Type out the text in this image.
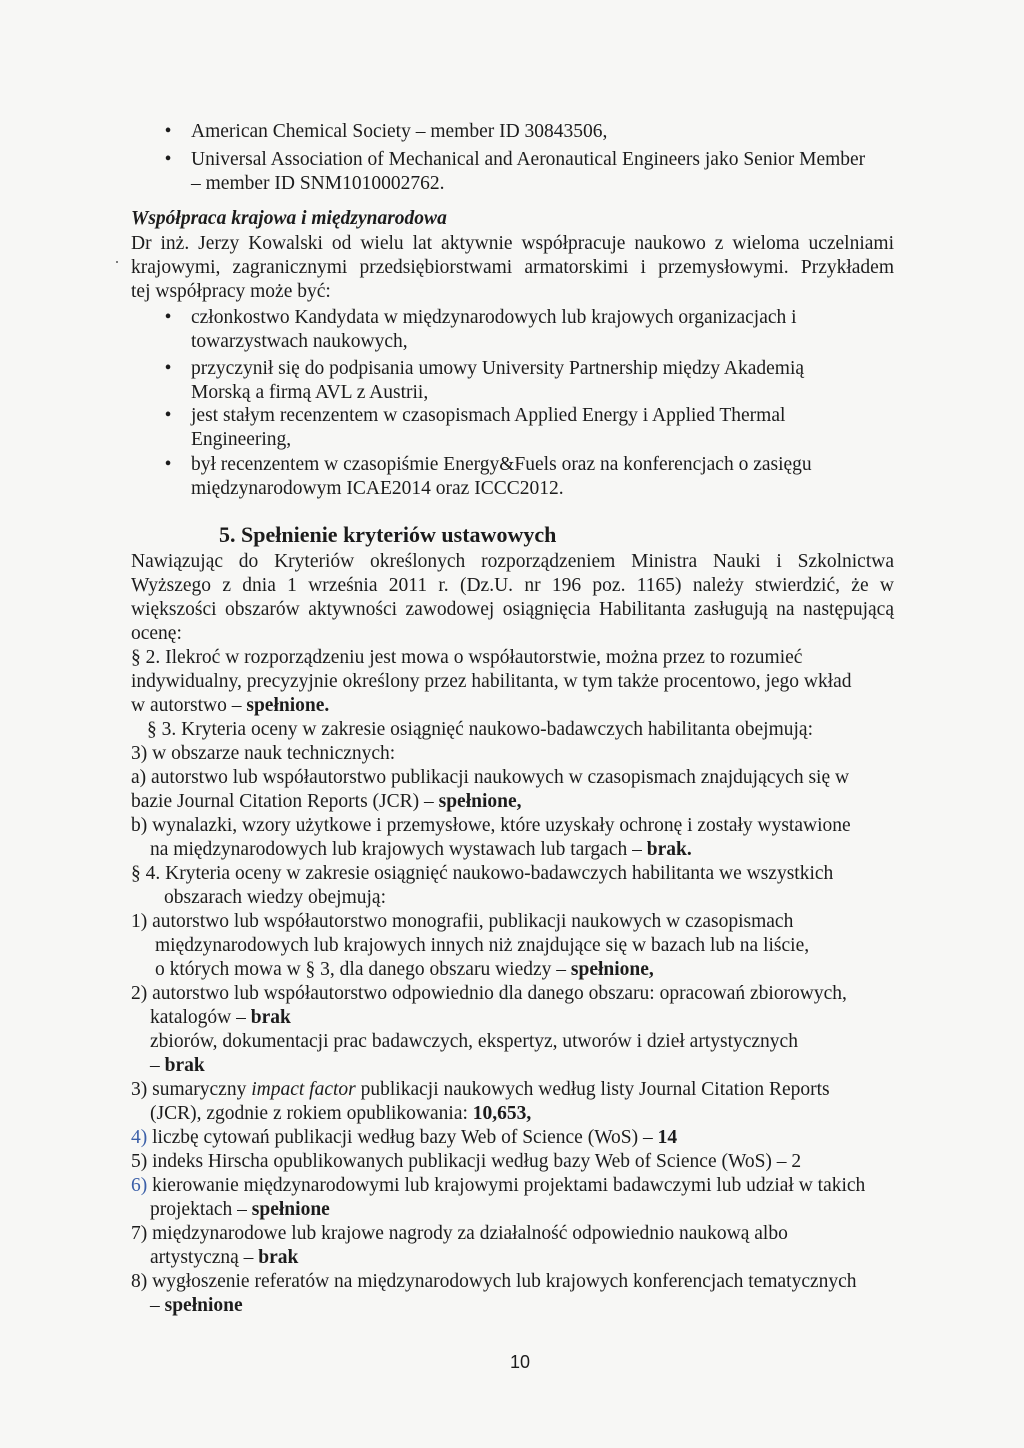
•	American Chemical Society – member ID 30843506,
•	Universal Association of Mechanical and Aeronautical Engineers jako Senior Member
– member ID SNM1010002762.
Współpraca krajowa i międzynarodowa
Dr inż. Jerzy Kowalski od wielu lat aktywnie współpracuje naukowo z wieloma uczelniami
krajowymi, zagranicznymi przedsiębiorstwami armatorskimi i przemysłowymi. Przykładem
tej współpracy może być:
•	członkostwo Kandydata w międzynarodowych lub krajowych organizacjach i
towarzystwach naukowych,
•	przyczynił się do podpisania umowy University Partnership między Akademią
Morską a firmą AVL z Austrii,
•	jest stałym recenzentem w czasopismach Applied Energy i Applied Thermal
Engineering,
•	był recenzentem w czasopiśmie Energy&Fuels oraz na konferencjach o zasięgu
międzynarodowym ICAE2014 oraz ICCC2012.
5. Spełnienie kryteriów ustawowych
Nawiązując do Kryteriów określonych rozporządzeniem Ministra Nauki i Szkolnictwa
Wyższego z dnia 1 września 2011 r. (Dz.U. nr 196 poz. 1165) należy stwierdzić, że w
większości obszarów aktywności zawodowej osiągnięcia Habilitanta zasługują na następującą
ocenę:
§ 2. Ilekroć w rozporządzeniu jest mowa o współautorstwie, można przez to rozumieć
indywidualny, precyzyjnie określony przez habilitanta, w tym także procentowo, jego wkład
w autorstwo – spełnione.
§ 3. Kryteria oceny w zakresie osiągnięć naukowo-badawczych habilitanta obejmują:
3) w obszarze nauk technicznych:
a) autorstwo lub współautorstwo publikacji naukowych w czasopismach znajdujących się w
bazie Journal Citation Reports (JCR) – spełnione,
b) wynalazki, wzory użytkowe i przemysłowe, które uzyskały ochronę i zostały wystawione
na międzynarodowych lub krajowych wystawach lub targach – brak.
§ 4. Kryteria oceny w zakresie osiągnięć naukowo-badawczych habilitanta we wszystkich
obszarach wiedzy obejmują:
1) autorstwo lub współautorstwo monografii, publikacji naukowych w czasopismach
międzynarodowych lub krajowych innych niż znajdujące się w bazach lub na liście,
o których mowa w § 3, dla danego obszaru wiedzy – spełnione,
2) autorstwo lub współautorstwo odpowiednio dla danego obszaru: opracowań zbiorowych,
katalogów – brak
zbiorów, dokumentacji prac badawczych, ekspertyz, utworów i dzieł artystycznych
– brak
3) sumaryczny impact factor publikacji naukowych według listy Journal Citation Reports
(JCR), zgodnie z rokiem opublikowania: 10,653,
4) liczbę cytowań publikacji według bazy Web of Science (WoS) – 14
5) indeks Hirscha opublikowanych publikacji według bazy Web of Science (WoS) – 2
6) kierowanie międzynarodowymi lub krajowymi projektami badawczymi lub udział w takich
projektach – spełnione
7) międzynarodowe lub krajowe nagrody za działalność odpowiednio naukową albo
artystyczną – brak
8) wygłoszenie referatów na międzynarodowych lub krajowych konferencjach tematycznych
– spełnione
10
